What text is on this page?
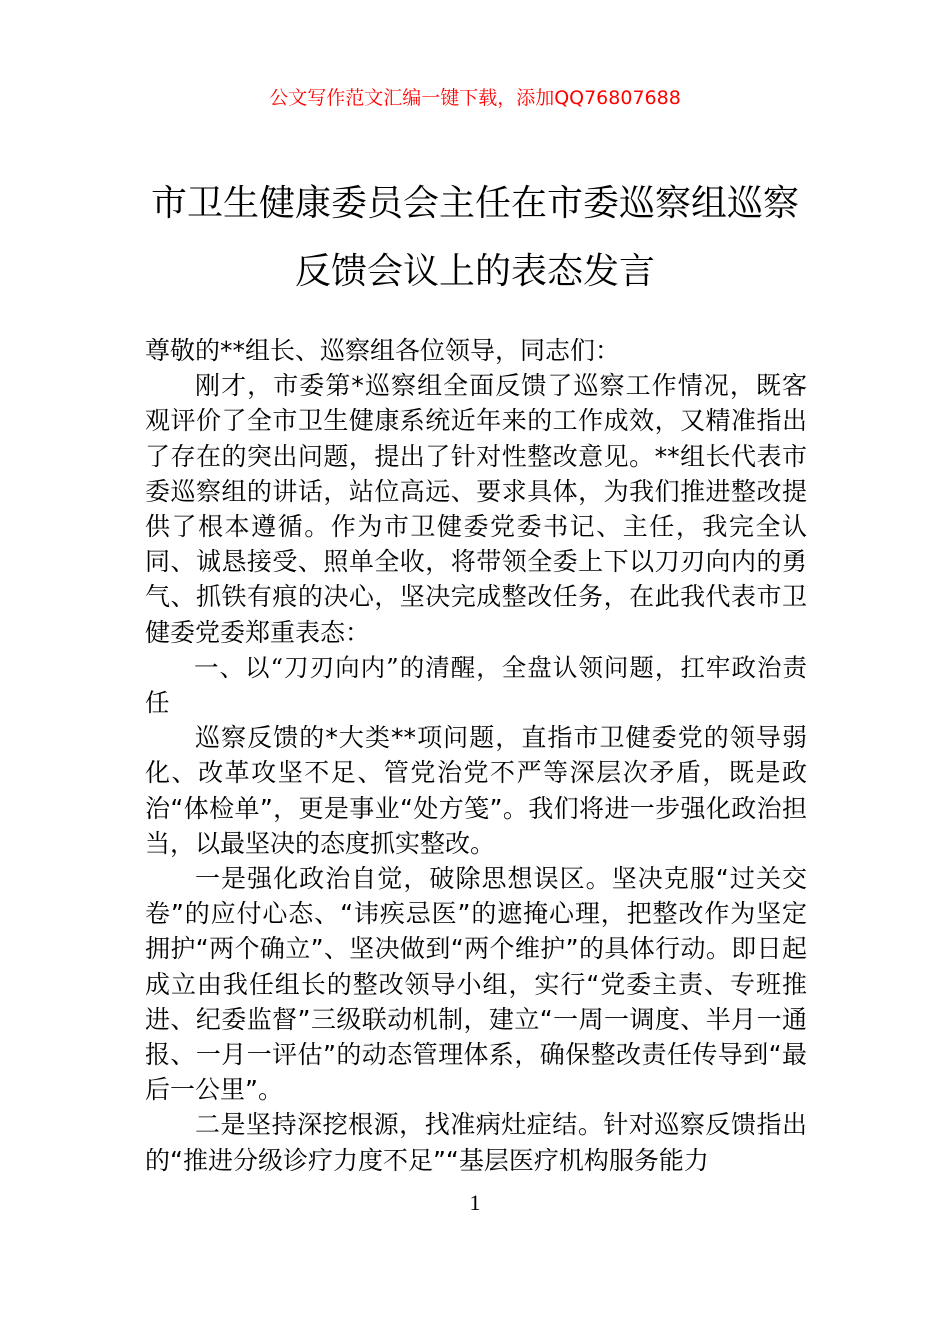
公文写作范文汇编一键下载，添加QQ76807688
市卫生健康委员会主任在市委巡察组巡察
反馈会议上的表态发言

尊敬的**组长、巡察组各位领导，同志们：

刚才，市委第*巡察组全面反馈了巡察工作情况，既客观评价了全市卫生健康系统近年来的工作成效，又精准指出了存在的突出问题，提出了针对性整改意见。**组长代表市委巡察组的讲话，站位高远、要求具体，为我们推进整改提供了根本遵循。作为市卫健委党委书记、主任，我完全认同、诚恳接受、照单全收，将带领全委上下以刀刃向内的勇气、抓铁有痕的决心，坚决完成整改任务，在此我代表市卫健委党委郑重表态：

一、以“刀刃向内”的清醒，全盘认领问题，扛牢政治责任

巡察反馈的*大类**项问题，直指市卫健委党的领导弱化、改革攻坚不足、管党治党不严等深层次矛盾，既是政治“体检单”，更是事业“处方笺”。我们将进一步强化政治担当，以最坚决的态度抓实整改。

一是强化政治自觉，破除思想误区。坚决克服“过关交卷”的应付心态、“讳疾忌医”的遮掩心理，把整改作为坚定拥护“两个确立”、坚决做到“两个维护”的具体行动。即日起成立由我任组长的整改领导小组，实行“党委主责、专班推进、纪委监督”三级联动机制，建立“一周一调度、半月一通报、一月一评估”的动态管理体系，确保整改责任传导到“最后一公里”。

二是坚持深挖根源，找准病灶症结。针对巡察反馈指出的“推进分级诊疗力度不足”“基层医疗机构服务能力

1
